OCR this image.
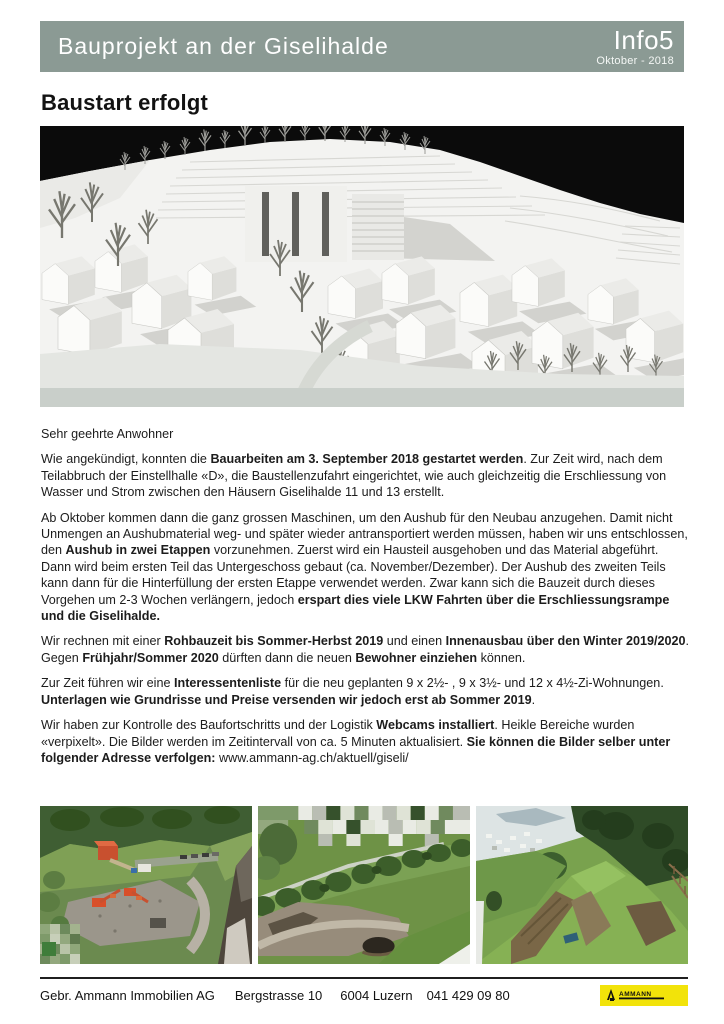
Bauprojekt an der Giselihalde	Info5
Oktober - 2018
Baustart erfolgt

Sehr geehrte Anwohner

Wie angekündigt, konnten die Bauarbeiten am 3. September 2018 gestartet werden. Zur Zeit wird, nach dem Teilabbruch der Einstellhalle «D», die Baustellenzufahrt eingerichtet, wie auch gleichzeitig die Erschliessung von Wasser und Strom zwischen den Häusern Giselihalde 11 und 13 erstellt.

Ab Oktober kommen dann die ganz grossen Maschinen, um den Aushub für den Neubau anzugehen. Damit nicht Unmengen an Aushubmaterial weg- und später wieder antransportiert werden müssen, haben wir uns entschlossen, den Aushub in zwei Etappen vorzunehmen. Zuerst wird ein Hausteil ausgehoben und das Material abgeführt. Dann wird beim ersten Teil das Untergeschoss gebaut (ca. November/Dezember). Der Aushub des zweiten Teils kann dann für die Hinterfüllung der ersten Etappe verwendet werden. Zwar kann sich die Bauzeit durch dieses Vorgehen um 2-3 Wochen verlängern, jedoch erspart dies viele LKW Fahrten über die Erschliessungsrampe und die Giselihalde.

Wir rechnen mit einer Rohbauzeit bis Sommer-Herbst 2019 und einen Innenausbau über den Winter 2019/2020. Gegen Frühjahr/Sommer 2020 dürften dann die neuen Bewohner einziehen können.

Zur Zeit führen wir eine Interessentenliste für die neu geplanten 9 x 2½- , 9 x 3½- und 12 x 4½-Zi-Wohnungen. Unterlagen wie Grundrisse und Preise versenden wir jedoch erst ab Sommer 2019.

Wir haben zur Kontrolle des Baufortschritts und der Logistik Webcams installiert. Heikle Bereiche wurden «verpixelt». Die Bilder werden im Zeitintervall von ca. 5 Minuten aktualisiert. Sie können die Bilder selber unter folgender Adresse verfolgen: www.ammann-ag.ch/aktuell/giseli/

Gebr. Ammann Immobilien AG Bergstrasse 10 6004 Luzern 041 429 09 80	AMMANN
